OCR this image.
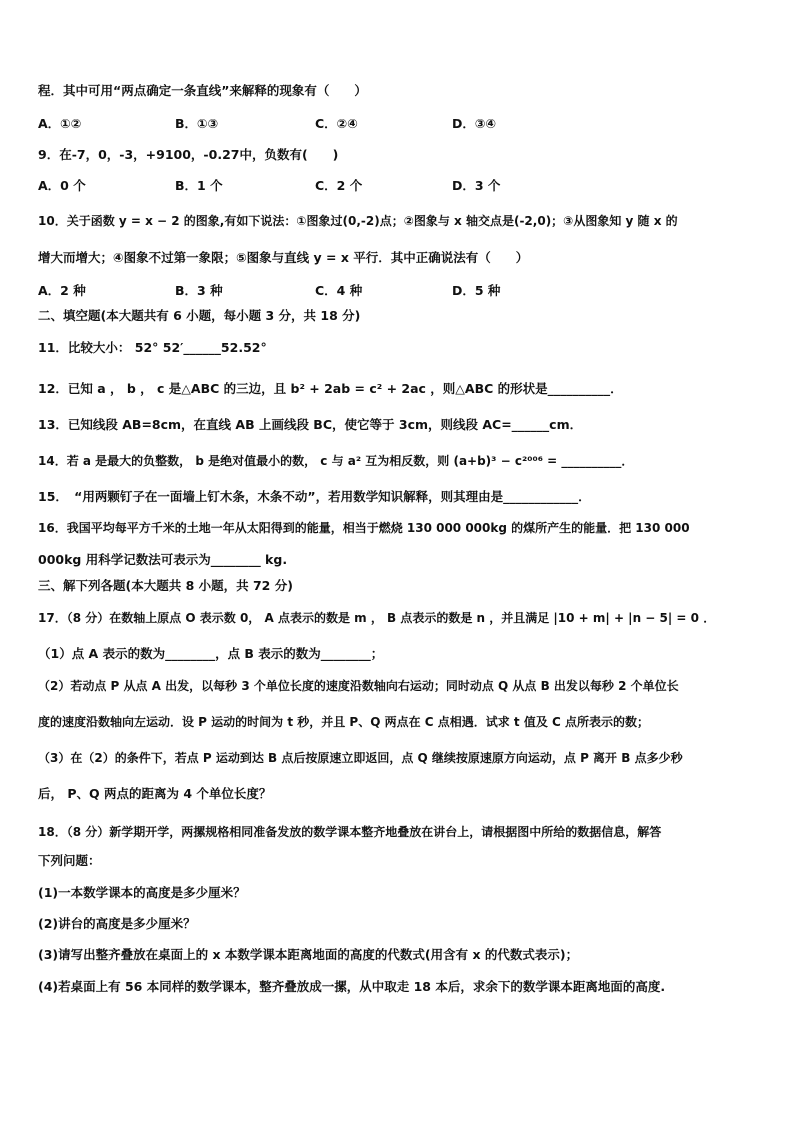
程．其中可用“两点确定一条直线”来解释的现象有（　　）
A．①②	B．①③	C．②④	D．③④
9．在-7，0，-3，+9100，-0.27中，负数有(　　)
A．0 个	B．1 个	C．2 个	D．3 个
10．关于函数 y = x − 2 的图象,有如下说法：①图象过(0,-2)点；②图象与 x 轴交点是(-2,0)；③从图象知 y 随 x 的
增大而增大；④图象不过第一象限；⑤图象与直线 y = x 平行．其中正确说法有（　　）
A．2 种	B．3 种	C．4 种	D．5 种
二、填空题(本大题共有 6 小题，每小题 3 分，共 18 分)
11．比较大小： 52° 52′______52.52°
12．已知 a ， b ， c 是△ABC 的三边，且 b² + 2ab = c² + 2ac ，则△ABC 的形状是__________．
13．已知线段 AB=8cm，在直线 AB 上画线段 BC，使它等于 3cm，则线段 AC=______cm．
14．若 a 是最大的负整数， b 是绝对值最小的数， c 与 a² 互为相反数，则 (a+b)³ − c²⁰⁰⁶ = __________．
15．　“用两颗钉子在一面墙上钉木条，木条不动”，若用数学知识解释，则其理由是____________．
16．我国平均每平方千米的土地一年从太阳得到的能量，相当于燃烧 130 000 000kg 的煤所产生的能量．把 130 000
000kg 用科学记数法可表示为________ kg.
三、解下列各题(本大题共 8 小题，共 72 分)
17．（8 分）在数轴上原点 O 表示数 0， A 点表示的数是 m ， B 点表示的数是 n ，并且满足 |10 + m| + |n − 5| = 0 ．
（1）点 A 表示的数为________，点 B 表示的数为________；
（2）若动点 P 从点 A 出发，以每秒 3 个单位长度的速度沿数轴向右运动；同时动点 Q 从点 B 出发以每秒 2 个单位长
度的速度沿数轴向左运动．设 P 运动的时间为 t 秒，并且 P、Q 两点在 C 点相遇．试求 t 值及 C 点所表示的数；
（3）在（2）的条件下，若点 P 运动到达 B 点后按原速立即返回，点 Q 继续按原速原方向运动，点 P 离开 B 点多少秒
后， P、Q 两点的距离为 4 个单位长度？
18．（8 分）新学期开学，两摞规格相同准备发放的数学课本整齐地叠放在讲台上，请根据图中所给的数据信息，解答
下列问题：
(1)一本数学课本的高度是多少厘米？
(2)讲台的高度是多少厘米？
(3)请写出整齐叠放在桌面上的 x 本数学课本距离地面的高度的代数式(用含有 x 的代数式表示)；
(4)若桌面上有 56 本同样的数学课本，整齐叠放成一摞，从中取走 18 本后，求余下的数学课本距离地面的高度.
